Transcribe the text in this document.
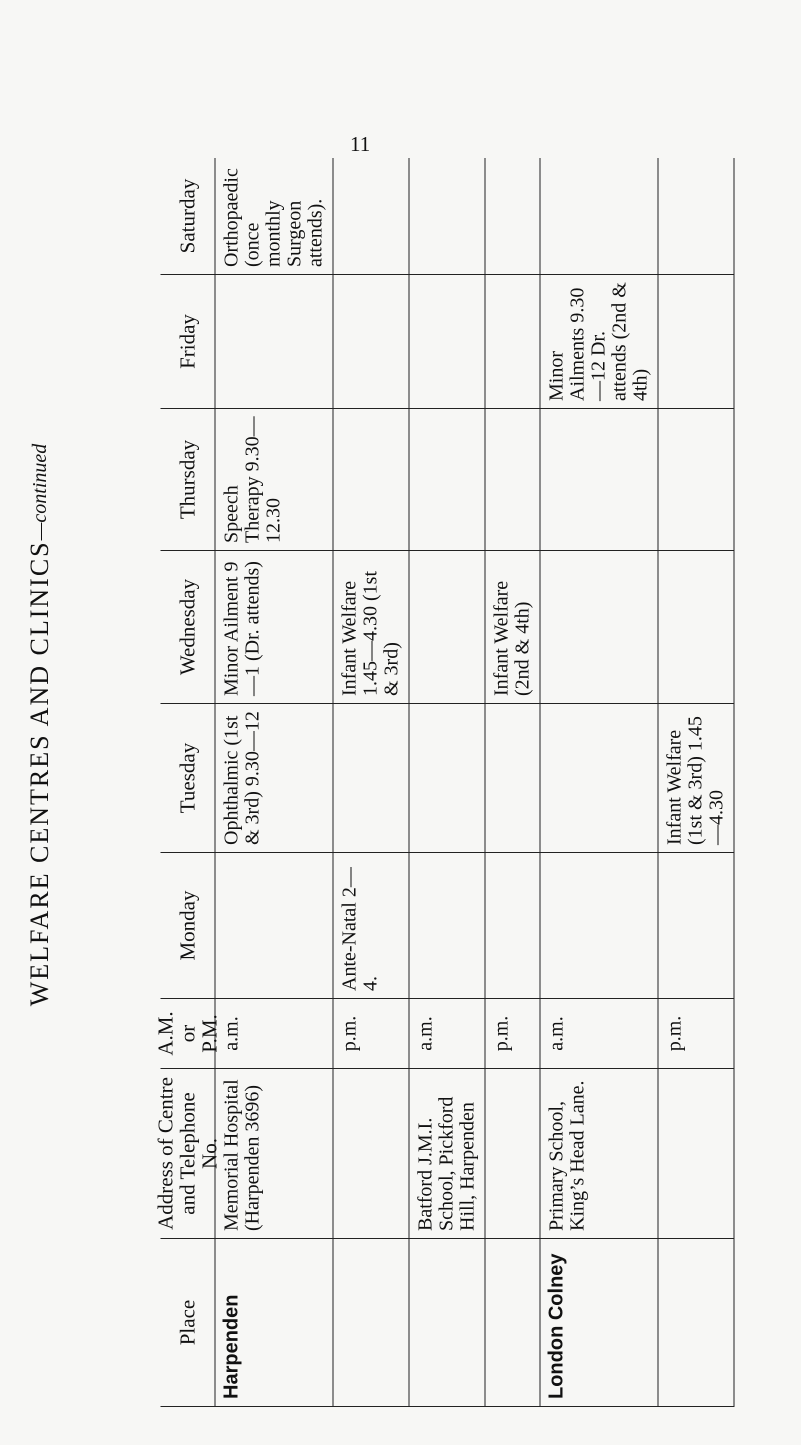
11
WELFARE CENTRES AND CLINICS
—continued
Place
Address of Centre and Telephone No.
A.M. or P.M.
Monday
Tuesday
Wednesday
Thursday
Friday
Saturday
Harpenden
Memorial Hospital (Harpenden 3696)
a.m.
Ophthalmic (1st & 3rd) 9.30—12
Minor Ailment 9—1 (Dr. attends)
Speech Therapy 9.30—12.30
Orthopaedic (once monthly Surgeon attends).
p.m.
Ante-Natal 2—4.
Infant Welfare 1.45—4.30 (1st & 3rd)
Batford J.M.I. School, Pickford Hill, Harpenden
a.m.	p.m.
Infant Welfare (2nd & 4th)
London Colney
Primary School, King’s Head Lane.
a.m.
Minor Ailments 9.30—12 Dr. attends (2nd & 4th)
p.m.
Infant Welfare (1st & 3rd) 1.45—4.30
